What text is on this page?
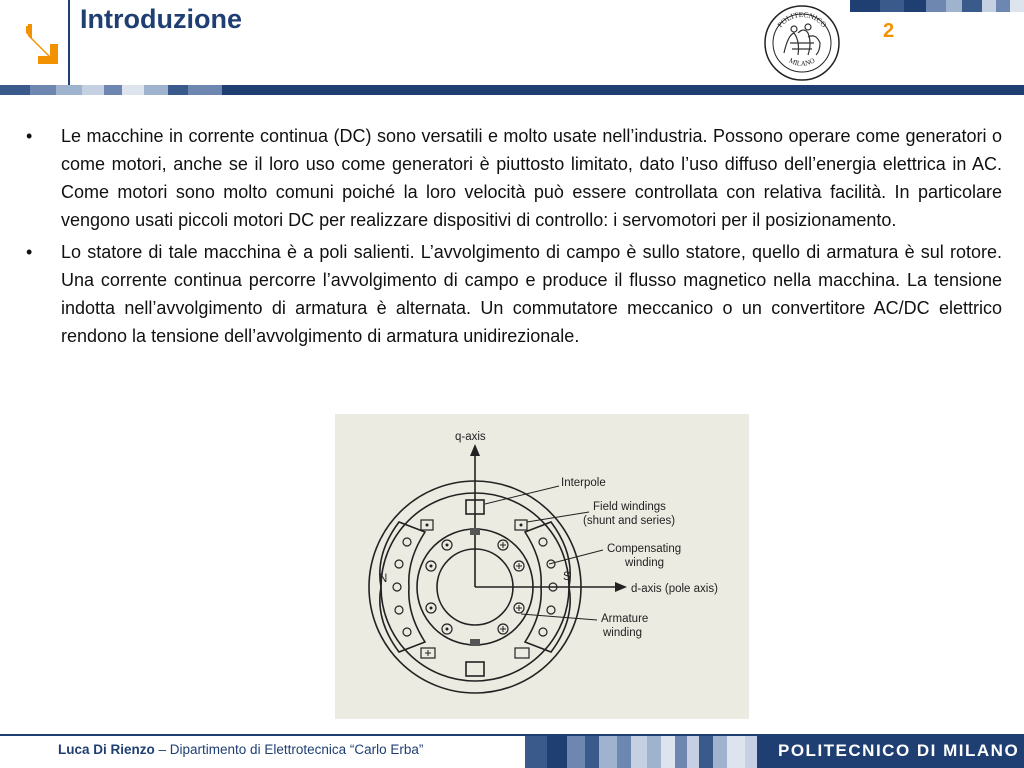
Introduzione	POLITECNICO
MILANO
2
• Le macchine in corrente continua (DC) sono versatili e molto usate nell’industria. Possono operare come generatori o come motori, anche se il loro uso come generatori è piuttosto limitato, dato l’uso diffuso dell’energia elettrica in AC. Come motori sono molto comuni poiché la loro velocità può essere controllata con relativa facilità. In particolare vengono usati piccoli motori DC per realizzare dispositivi di controllo: i servomotori per il posizionamento.
• Lo statore di tale macchina è a poli salienti. L’avvolgimento di campo è sullo statore, quello di armatura è sul rotore. Una corrente continua percorre l’avvolgimento di campo e produce il flusso magnetico nella macchina. La tensione indotta nell’avvolgimento di armatura è alternata. Un commutatore meccanico o un convertitore AC/DC elettrico rendono la tensione dell’avvolgimento di armatura unidirezionale.
q-axis
Interpole
Field windings
(shunt and series)
Compensating
winding
d-axis (pole axis)
Armature
winding
N	S
Luca Di Rienzo – Dipartimento di Elettrotecnica “Carlo Erba”	POLITECNICO DI MILANO
